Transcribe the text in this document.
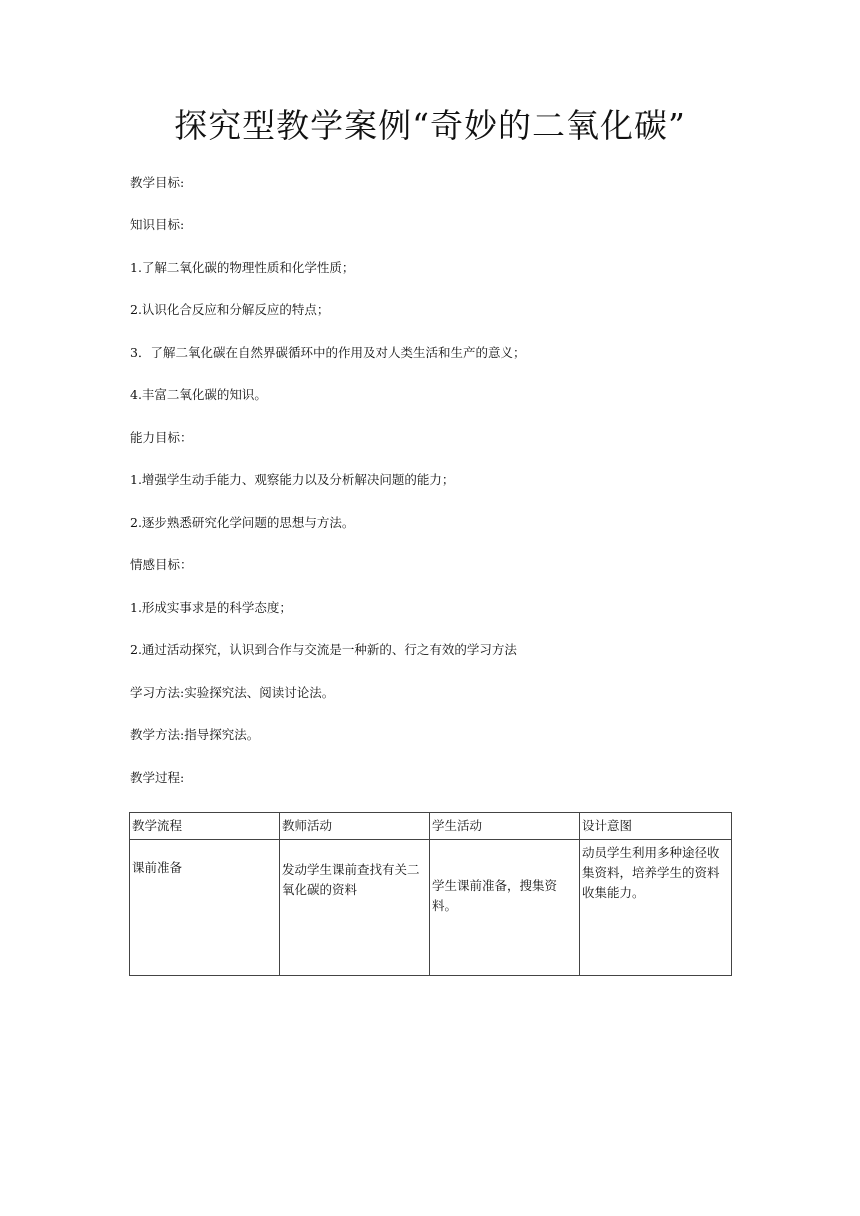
探究型教学案例“奇妙的二氧化碳”
教学目标:
知识目标:
1.了解二氧化碳的物理性质和化学性质；
2.认识化合反应和分解反应的特点；
3．了解二氧化碳在自然界碳循环中的作用及对人类生活和生产的意义；
4.丰富二氧化碳的知识。
能力目标：
1.增强学生动手能力、观察能力以及分析解决问题的能力；
2.逐步熟悉研究化学问题的思想与方法。
情感目标：
1.形成实事求是的科学态度；
2.通过活动探究，认识到合作与交流是一种新的、行之有效的学习方法
学习方法:实验探究法、阅读讨论法。
教学方法:指导探究法。
教学过程:
教学流程	教师活动	学生活动	设计意图
课前准备	发动学生课前查找有关二氧化碳的资料	学生课前准备，搜集资料。	动员学生利用多种途径收集资料，培养学生的资料收集能力。
